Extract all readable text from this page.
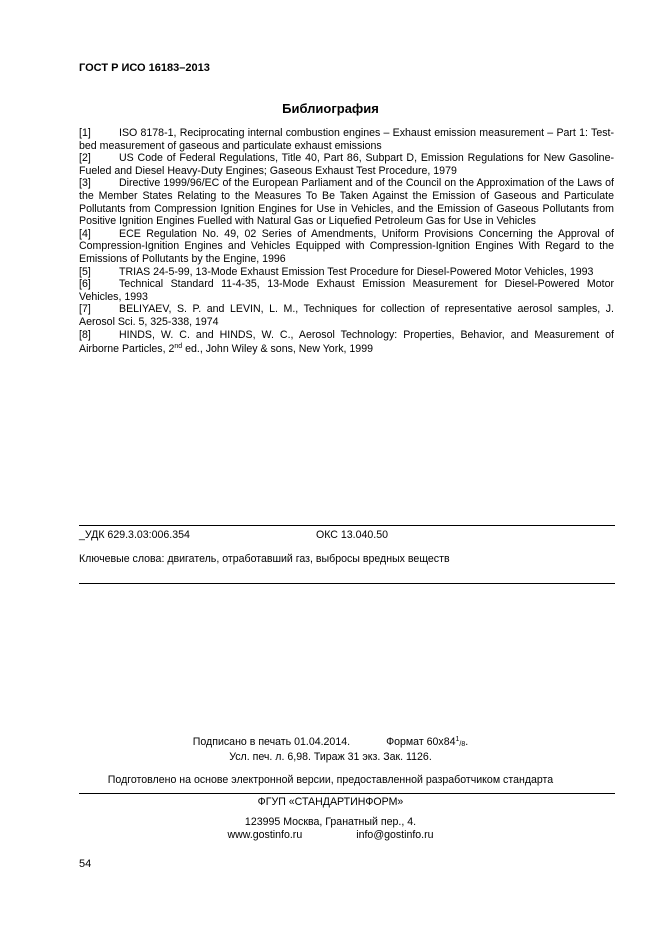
ГОСТ Р ИСО 16183–2013
Библиография
[1]	ISO 8178-1, Reciprocating internal combustion engines – Exhaust emission measurement – Part 1: Test-bed measurement of gaseous and particulate exhaust emissions
[2]	US Code of Federal Regulations, Title 40, Part 86, Subpart D, Emission Regulations for New Gasoline- Fueled and Diesel Heavy-Duty Engines; Gaseous Exhaust Test Procedure, 1979
[3]	Directive 1999/96/EC of the European Parliament and of the Council on the Approximation of the Laws of the Member States Relating to the Measures To Be Taken Against the Emission of Gaseous and Particulate Pollutants from Compression Ignition Engines for Use in Vehicles, and the Emission of Gaseous Pollutants from Positive Ignition Engines Fuelled with Natural Gas or Liquefied Petroleum Gas for Use in Vehicles
[4]	ECE Regulation No. 49, 02 Series of Amendments, Uniform Provisions Concerning the Approval of Compression-Ignition Engines and Vehicles Equipped with Compression-Ignition Engines With Regard to the Emissions of Pollutants by the Engine, 1996
[5]	TRIAS 24-5-99, 13-Mode Exhaust Emission Test Procedure for Diesel-Powered Motor Vehicles, 1993
[6]	Technical Standard 11-4-35, 13-Mode Exhaust Emission Measurement for Diesel-Powered Motor Vehicles, 1993
[7]	BELIYAEV, S. P. and LEVIN, L. M., Techniques for collection of representative aerosol samples, J. Aerosol Sci. 5, 325-338, 1974
[8]	HINDS, W. C. and HINDS, W. C., Aerosol Technology: Properties, Behavior, and Measurement of Airborne Particles, 2nd ed., John Wiley & sons, New York, 1999
_УДК 629.3.03:006.354	ОКС 13.040.50
Ключевые слова: двигатель, отработавший газ, выбросы вредных веществ
Подписано в печать 01.04.2014.	Формат $60x84^1_{/8}$.
Усл. печ. л. 6,98. Тираж 31 экз. Зак. 1126.
Подготовлено на основе электронной версии, предоставленной разработчиком стандарта
ФГУП «СТАНДАРТИНФОРМ»
123995 Москва, Гранатный пер., 4.
www.gostinfo.ru	info@gostinfo.ru
54
